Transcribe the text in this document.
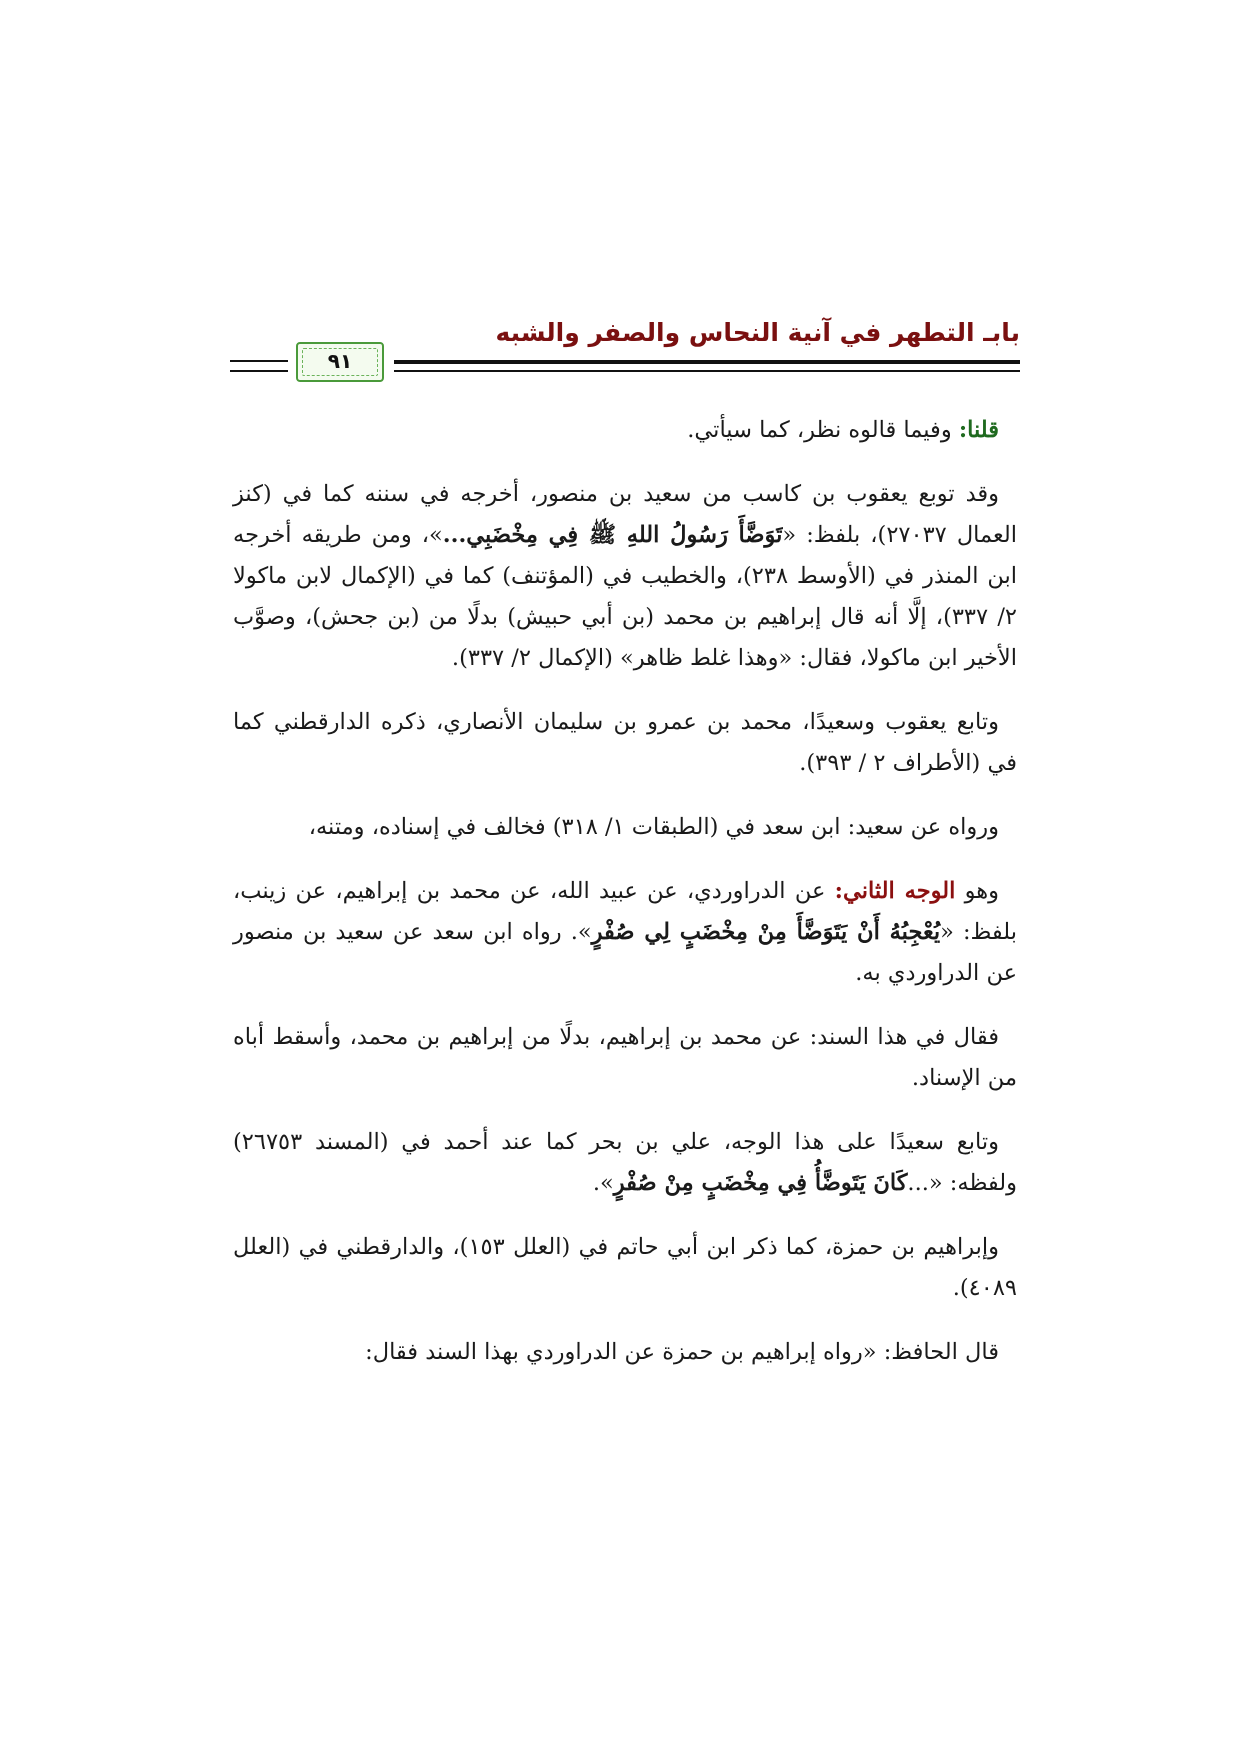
بابـ التطهر في آنية النحاس والصفر والشبه
٩١

قلنا: وفيما قالوه نظر، كما سيأتي.

وقد توبع يعقوب بن كاسب من سعيد بن منصور، أخرجه في سننه كما في (كنز العمال ٢٧٠٣٧)، بلفظ: «تَوَضَّأَ رَسُولُ اللهِ ﷺ فِي مِخْضَبِي...»، ومن طريقه أخرجه ابن المنذر في (الأوسط ٢٣٨)، والخطيب في (المؤتنف) كما في (الإكمال لابن ماكولا ٢/ ٣٣٧)، إلَّا أنه قال إبراهيم بن محمد (بن أبي حبيش) بدلًا من (بن جحش)، وصوَّب الأخير ابن ماكولا، فقال: «وهذا غلط ظاهر» (الإكمال ٢/ ٣٣٧).

وتابع يعقوب وسعيدًا، محمد بن عمرو بن سليمان الأنصاري، ذكره الدارقطني كما في (الأطراف ٢ / ٣٩٣).

ورواه عن سعيد: ابن سعد في (الطبقات ١/ ٣١٨) فخالف في إسناده، ومتنه،

وهو الوجه الثاني: عن الدراوردي، عن عبيد الله، عن محمد بن إبراهيم، عن زينب، بلفظ: «يُعْجِبُهُ أَنْ يَتَوَضَّأَ مِنْ مِخْضَبٍ لِي صُفْرٍ». رواه ابن سعد عن سعيد بن منصور عن الدراوردي به.

فقال في هذا السند: عن محمد بن إبراهيم، بدلًا من إبراهيم بن محمد، وأسقط أباه من الإسناد.

وتابع سعيدًا على هذا الوجه، علي بن بحر كما عند أحمد في (المسند ٢٦٧٥٣) ولفظه: «...كَانَ يَتَوضَّأُ فِي مِخْضَبٍ مِنْ صُفْرٍ».

وإبراهيم بن حمزة، كما ذكر ابن أبي حاتم في (العلل ١٥٣)، والدارقطني في (العلل ٤٠٨٩).

قال الحافظ: «رواه إبراهيم بن حمزة عن الدراوردي بهذا السند فقال:
